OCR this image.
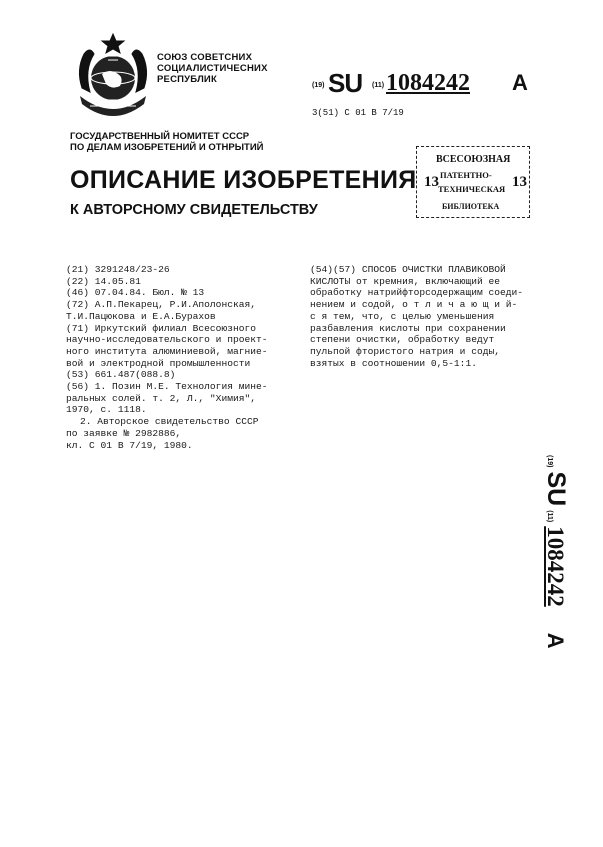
СОЮЗ СОВЕТСНИХ
СОЦИАЛИСТИЧЕСНИХ
РЕСПУБЛИК
(19) SU (11) 1084242 A
3(51) C 01 B 7/19
ГОСУДАРСТВЕННЫЙ НОМИТЕТ СССР
ПО ДЕЛАМ ИЗОБРЕТЕНИЙ И ОТНРЫТИЙ
ВСЕСОЮЗНАЯ
ПАТЕНТНО-
ТЕХНИЧЕСКАЯ
БИБЛИОТЕКА
13	13
ОПИСАНИЕ ИЗОБРЕТЕНИЯ
К АВТОРСНОМУ СВИДЕТЕЛЬСТВУ
(21) 3291248/23-26
(22) 14.05.81
(46) 07.04.84. Бюл. № 13
(72) А.П.Пекарец, Р.И.Аполонская,
Т.И.Пацюкова и Е.А.Бурахов
(71) Иркутский филиал Всесоюзного
научно-исследовательского и проект-
ного института алюминиевой, магние-
вой и электродной промышленности
(53) 661.487(088.8)
(56) 1. Позин М.Е. Технология мине-
ральных солей. т. 2, Л., "Химия",
1970, с. 1118.
2. Авторское свидетельство СССР
по заявке № 2982886,
кл. С 01 В 7/19, 1980.
(54)(57) СПОСОБ ОЧИСТКИ ПЛАВИКОВОЙ
КИСЛОТЫ от кремния, включающий ее
обработку натрийфторсодержащим соеди-
нением и содой, о т л и ч а ю щ и й-
с я тем, что, с целью уменьшения
разбавления кислоты при сохранении
степени очистки, обработку ведут
пульпой фтористого натрия и соды,
взятых в соотношении 0,5-1:1.
(19)SU(11)1084242A
